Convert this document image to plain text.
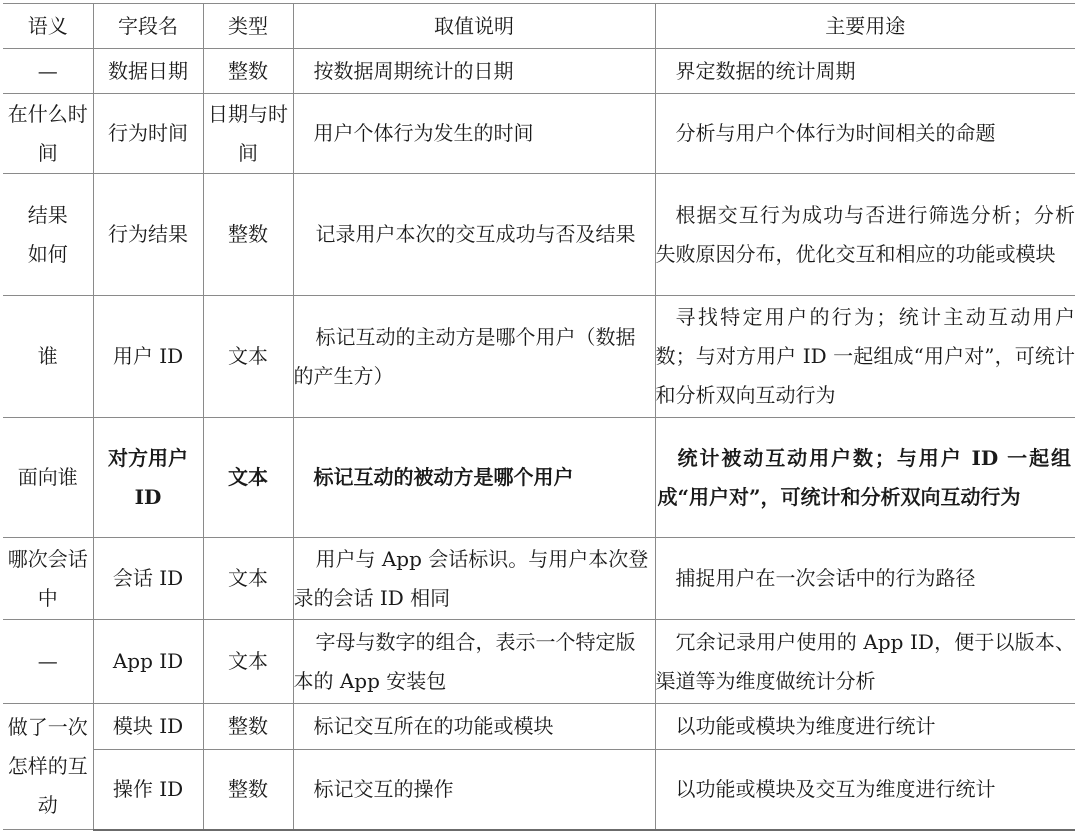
语义	字段名	类型	取值说明	主要用途
—	数据日期	整数	按数据周期统计的日期	界定数据的统计周期
在什么时间	行为时间	日期与时间	用户个体行为发生的时间	分析与用户个体行为时间相关的命题
结果如何	行为结果	整数	记录用户本次的交互成功与否及结果	根据交互行为成功与否进行筛选分析；分析失败原因分布，优化交互和相应的功能或模块
谁	用户 ID	文本	标记互动的主动方是哪个用户（数据的产生方）	寻找特定用户的行为；统计主动互动用户数；与对方用户 ID 一起组成“用户对”，可统计和分析双向互动行为
面向谁	对方用户 ID	文本	标记互动的被动方是哪个用户	统计被动互动用户数；与用户 ID 一起组成“用户对”，可统计和分析双向互动行为
哪次会话中	会话 ID	文本	用户与 App 会话标识。与用户本次登录的会话 ID 相同	捕捉用户在一次会话中的行为路径
—	App ID	文本	字母与数字的组合，表示一个特定版本的 App 安装包	冗余记录用户使用的 App ID，便于以版本、渠道等为维度做统计分析
做了一次怎样的互动	模块 ID	整数	标记交互所在的功能或模块	以功能或模块为维度进行统计
	操作 ID	整数	标记交互的操作	以功能或模块及交互为维度进行统计
